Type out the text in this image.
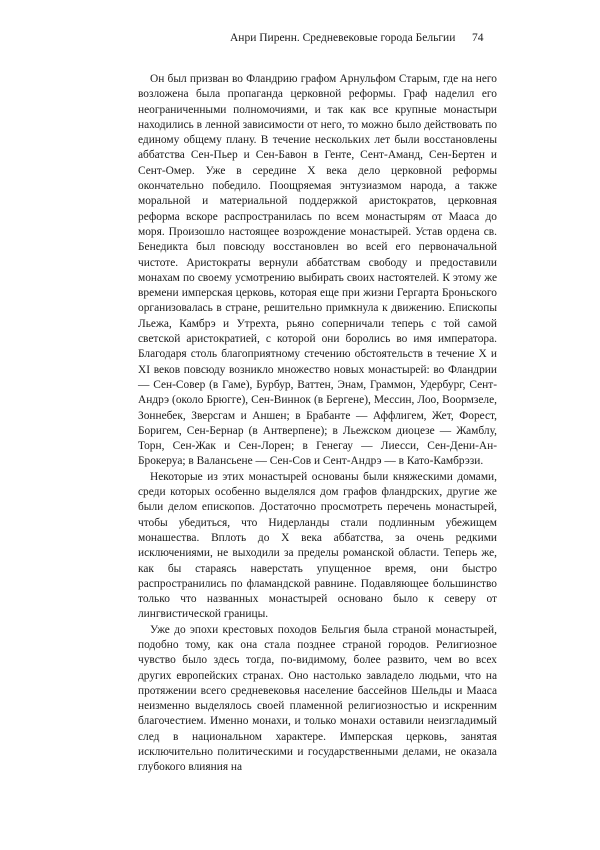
Анри Пиренн. Средневековые города Бельгии 74

Он был призван во Фландрию графом Арнульфом Старым, где на него возложена была пропаганда церковной реформы. Граф наделил его неограниченными полномочиями, и так как все крупные монастыри находились в ленной зависимости от него, то можно было действовать по единому общему плану. В течение нескольких лет были восстановлены аббатства Сен-Пьер и Сен-Бавон в Генте, Сент-Аманд, Сен-Бертен и Сент-Омер. Уже в середине X века дело церковной реформы окончательно победило. Поощряемая энтузиазмом народа, а также моральной и материальной поддержкой аристократов, церковная реформа вскоре распространилась по всем монастырям от Мааса до моря. Произошло настоящее возрождение монастырей. Устав ордена св. Бенедикта был повсюду восстановлен во всей его первоначальной чистоте. Аристократы вернули аббатствам свободу и предоставили монахам по своему усмотрению выбирать своих настоятелей. К этому же времени имперская церковь, которая еще при жизни Гергарта Броньского организовалась в стране, решительно примкнула к движению. Епископы Льежа, Камбрэ и Утрехта, рьяно соперничали теперь с той самой светской аристократией, с которой они боролись во имя императора. Благодаря столь благоприятному стечению обстоятельств в течение X и XI веков повсюду возникло множество новых монастырей: во Фландрии — Сен-Совер (в Гаме), Бурбур, Ваттен, Энам, Граммон, Удербург, Сент-Андрэ (около Брюгге), Сен-Виннок (в Бергене), Мессин, Лоо, Воормзеле, Зоннебек, Зверсгам и Аншен; в Брабанте — Аффлигем, Жет, Форест, Боригем, Сен-Бернар (в Антверпене); в Льежском диоцезе — Жамблу, Торн, Сен-Жак и Сен-Лорен; в Генегау — Лиесси, Сен-Дени-Ан-Брокеруа; в Валансьене — Сен-Сов и Сент-Андрэ — в Като-Камбрэзи.

Некоторые из этих монастырей основаны были княжескими домами, среди которых особенно выделялся дом графов фландрских, другие же были делом епископов. Достаточно просмотреть перечень монастырей, чтобы убедиться, что Нидерланды стали подлинным убежищем монашества. Вплоть до X века аббатства, за очень редкими исключениями, не выходили за пределы романской области. Теперь же, как бы стараясь наверстать упущенное время, они быстро распространились по фламандской равнине. Подавляющее большинство только что названных монастырей основано было к северу от лингвистической границы.

Уже до эпохи крестовых походов Бельгия была страной монастырей, подобно тому, как она стала позднее страной городов. Религиозное чувство было здесь тогда, по-видимому, более развито, чем во всех других европейских странах. Оно настолько завладело людьми, что на протяжении всего средневековья население бассейнов Шельды и Мааса неизменно выделялось своей пламенной религиозностью и искренним благочестием. Именно монахи, и только монахи оставили неизгладимый след в национальном характере. Имперская церковь, занятая исключительно политическими и государственными делами, не оказала глубокого влияния на
